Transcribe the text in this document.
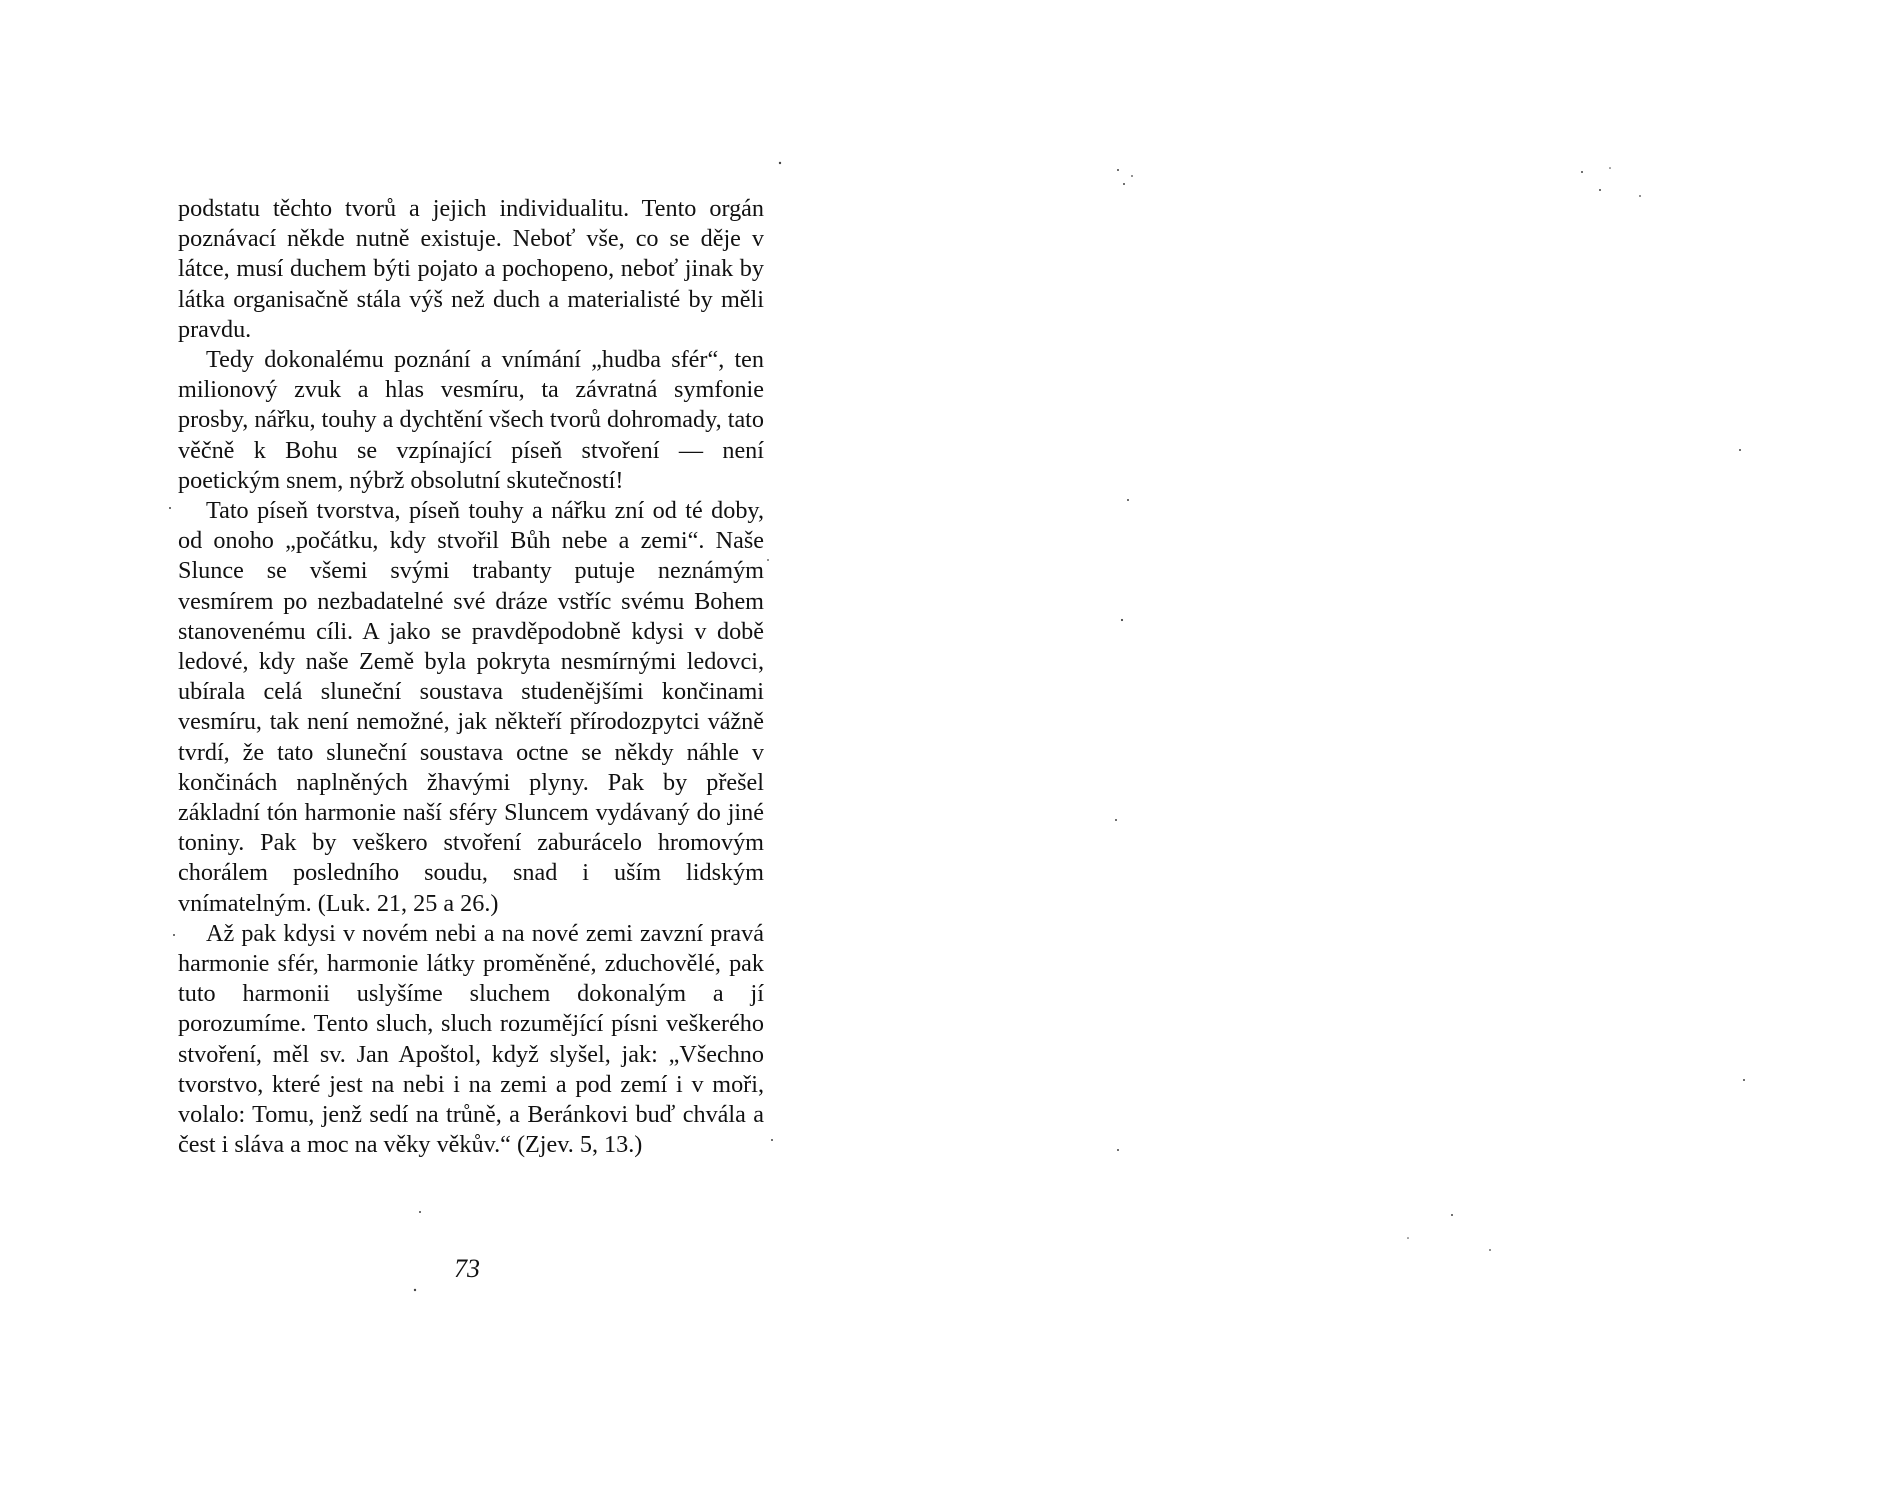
podstatu těchto tvorů a jejich individualitu. Tento orgán poznávací někde nutně existuje. Neboť vše, co se děje v látce, musí duchem býti pojato a pochopeno, neboť jinak by látka organisačně stála výš než duch a materialisté by měli pravdu.

Tedy dokonalému poznání a vnímání „hudba sfér“, ten milionový zvuk a hlas vesmíru, ta závratná symfonie prosby, nářku, touhy a dychtění všech tvorů dohromady, tato věčně k Bohu se vzpínající píseň stvoření — není poetickým snem, nýbrž obsolutní skutečností!

Tato píseň tvorstva, píseň touhy a nářku zní od té doby, od onoho „počátku, kdy stvořil Bůh nebe a zemi“. Naše Slunce se všemi svými trabanty putuje neznámým vesmírem po nezbadatelné své dráze vstříc svému Bohem stanovenému cíli. A jako se pravděpodobně kdysi v době ledové, kdy naše Země byla pokryta nesmírnými ledovci, ubírala celá sluneční soustava studenějšími končinami vesmíru, tak není nemožné, jak někteří přírodozpytci vážně tvrdí, že tato sluneční soustava octne se někdy náhle v končinách naplněných žhavými plyny. Pak by přešel základní tón harmonie naší sféry Sluncem vydávaný do jiné toniny. Pak by veškero stvoření zaburácelo hromovým chorálem posledního soudu, snad i uším lidským vnímatelným. (Luk. 21, 25 a 26.)

Až pak kdysi v novém nebi a na nové zemi zavzní pravá harmonie sfér, harmonie látky proměněné, zduchovělé, pak tuto harmonii uslyšíme sluchem dokonalým a jí porozumíme. Tento sluch, sluch rozumějící písni veškerého stvoření, měl sv. Jan Apoštol, když slyšel, jak: „Všechno tvorstvo, které jest na nebi i na zemi a pod zemí i v moři, volalo: Tomu, jenž sedí na trůně, a Beránkovi buď chvála a čest i sláva a moc na věky věkův.“ (Zjev. 5, 13.)

73
